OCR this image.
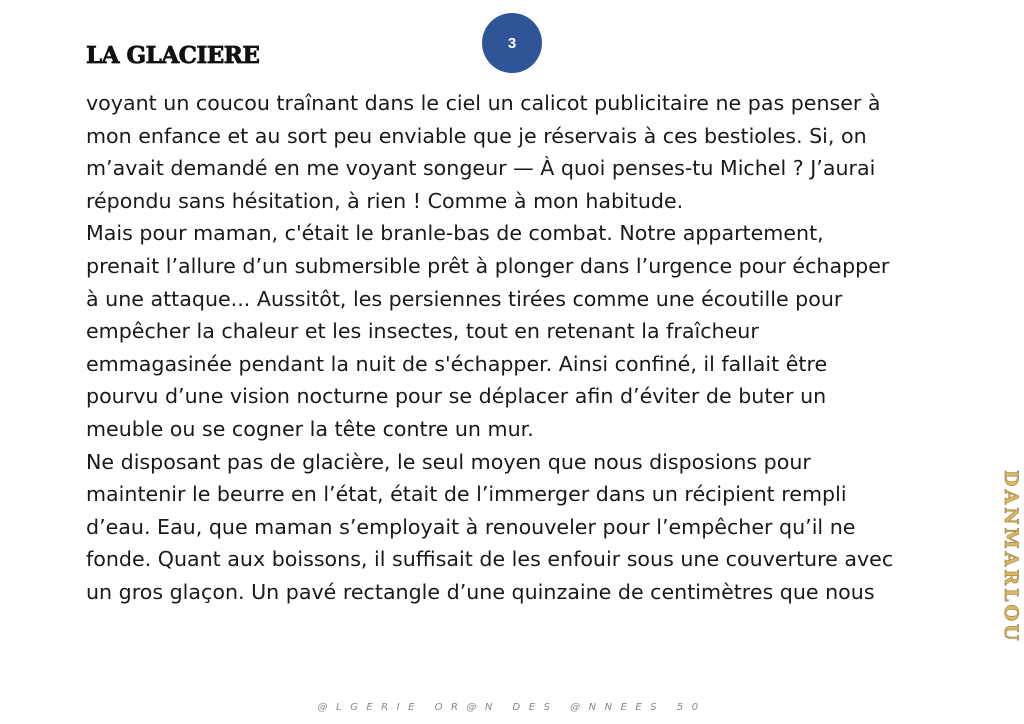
3
LA GLACIERE
voyant un coucou traînant dans le ciel un calicot publicitaire ne pas penser à
mon enfance et au sort peu enviable que je réservais à ces bestioles. Si, on
m’avait demandé en me voyant songeur — À quoi penses-tu Michel ? J’aurai
répondu sans hésitation, à rien ! Comme à mon habitude.
Mais pour maman, c'était le branle-bas de combat. Notre appartement,
prenait l’allure d’un submersible prêt à plonger dans l’urgence pour échapper
à une attaque... Aussitôt, les persiennes tirées comme une écoutille pour
empêcher la chaleur et les insectes, tout en retenant la fraîcheur
emmagasinée pendant la nuit de s'échapper. Ainsi confiné, il fallait être
pourvu d’une vision nocturne pour se déplacer afin d’éviter de buter un
meuble ou se cogner la tête contre un mur.
Ne disposant pas de glacière, le seul moyen que nous disposions pour
maintenir le beurre en l’état, était de l’immerger dans un récipient rempli
d’eau. Eau, que maman s’employait à renouveler pour l’empêcher qu’il ne
fonde. Quant aux boissons, il suffisait de les enfouir sous une couverture avec
un gros glaçon. Un pavé rectangle d’une quinzaine de centimètres que nous	DANMARLOU
@LGERIE OR@N DES @NNEES 50
